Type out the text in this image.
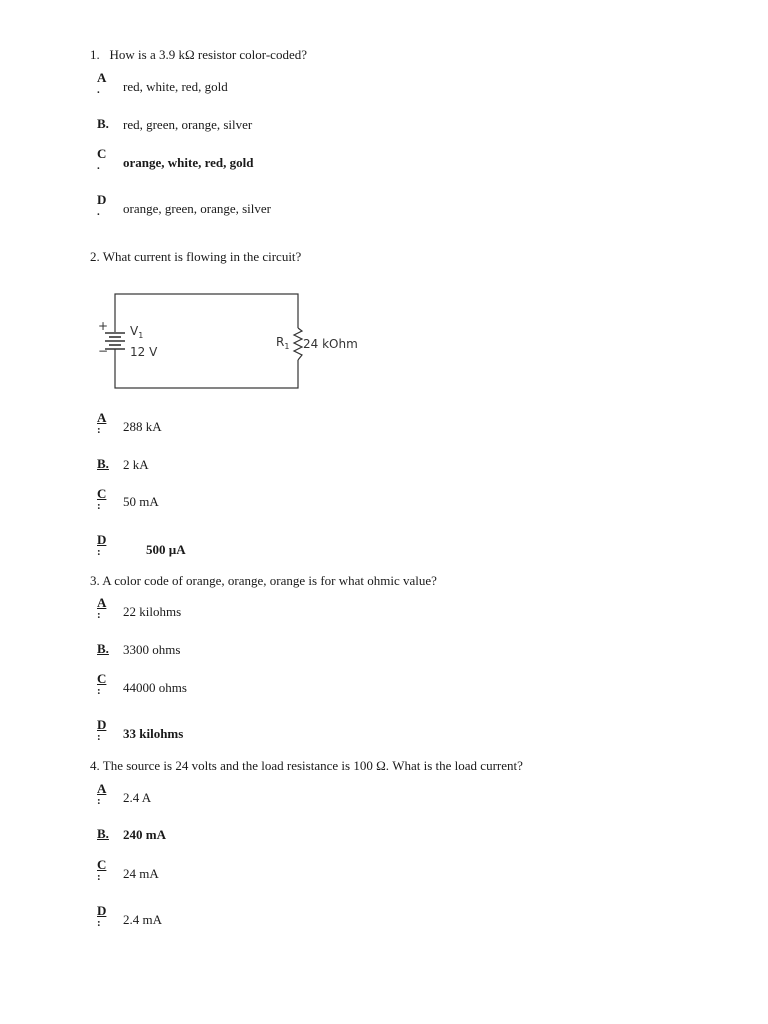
1. How is a 3.9 kΩ resistor color-coded?
A
.	red, white, red, gold
B. red, green, orange, silver
C
.	orange, white, red, gold
D
.	orange, green, orange, silver
2. What current is flowing in the circuit?
+
−
$V_1$
12 V
$R_1$ 24 kOhm
A
:	288 kA
B. 2 kA
C
:	50 mA
D
:	500 µA
3. A color code of orange, orange, orange is for what ohmic value?
A
:	22 kilohms
B. 3300 ohms
C
:	44000 ohms
D
:	33 kilohms
4. The source is 24 volts and the load resistance is 100 Ω. What is the load current?
A
:	2.4 A
B. 240 mA
C
:	24 mA
D
:	2.4 mA
